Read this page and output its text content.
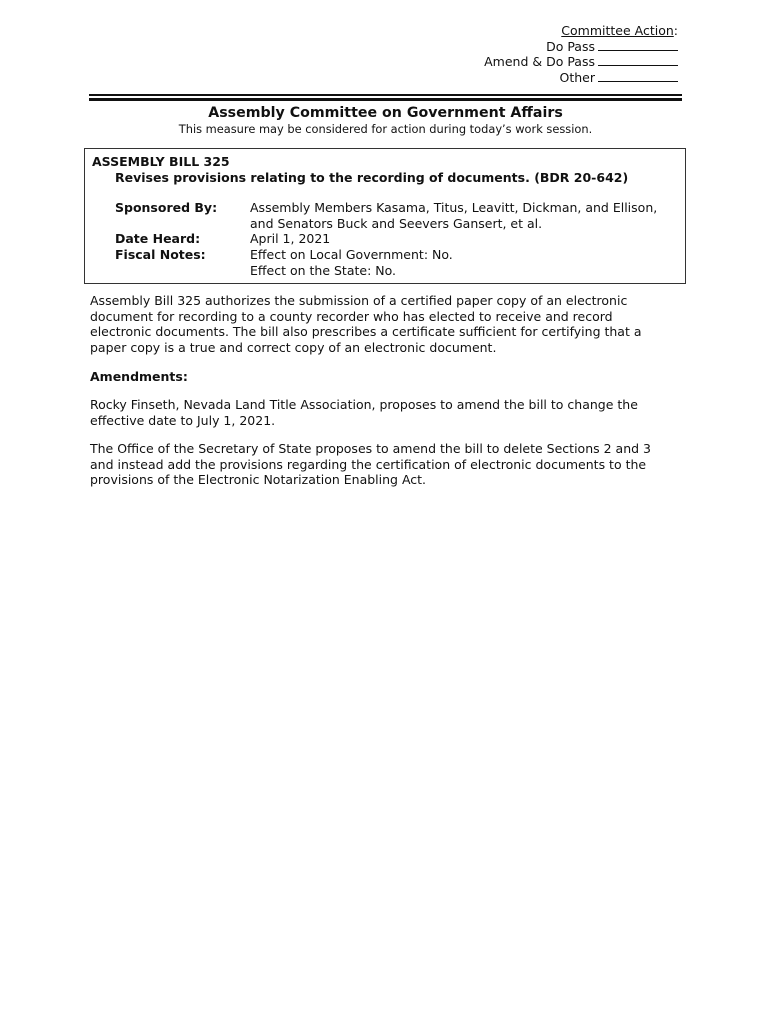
Committee Action:
Do Pass
Amend & Do Pass
Other
Assembly Committee on Government Affairs
This measure may be considered for action during today’s work session.
ASSEMBLY BILL 325
Revises provisions relating to the recording of documents. (BDR 20-642)
Sponsored By:	Assembly Members Kasama, Titus, Leavitt, Dickman, and Ellison,
and Senators Buck and Seevers Gansert, et al.
Date Heard:	April 1, 2021
Fiscal Notes:	Effect on Local Government: No.
Effect on the State: No.

Assembly Bill 325 authorizes the submission of a certified paper copy of an electronic document for recording to a county recorder who has elected to receive and record electronic documents. The bill also prescribes a certificate sufficient for certifying that a paper copy is a true and correct copy of an electronic document.

Amendments:

Rocky Finseth, Nevada Land Title Association, proposes to amend the bill to change the effective date to July 1, 2021.

The Office of the Secretary of State proposes to amend the bill to delete Sections 2 and 3 and instead add the provisions regarding the certification of electronic documents to the provisions of the Electronic Notarization Enabling Act.
